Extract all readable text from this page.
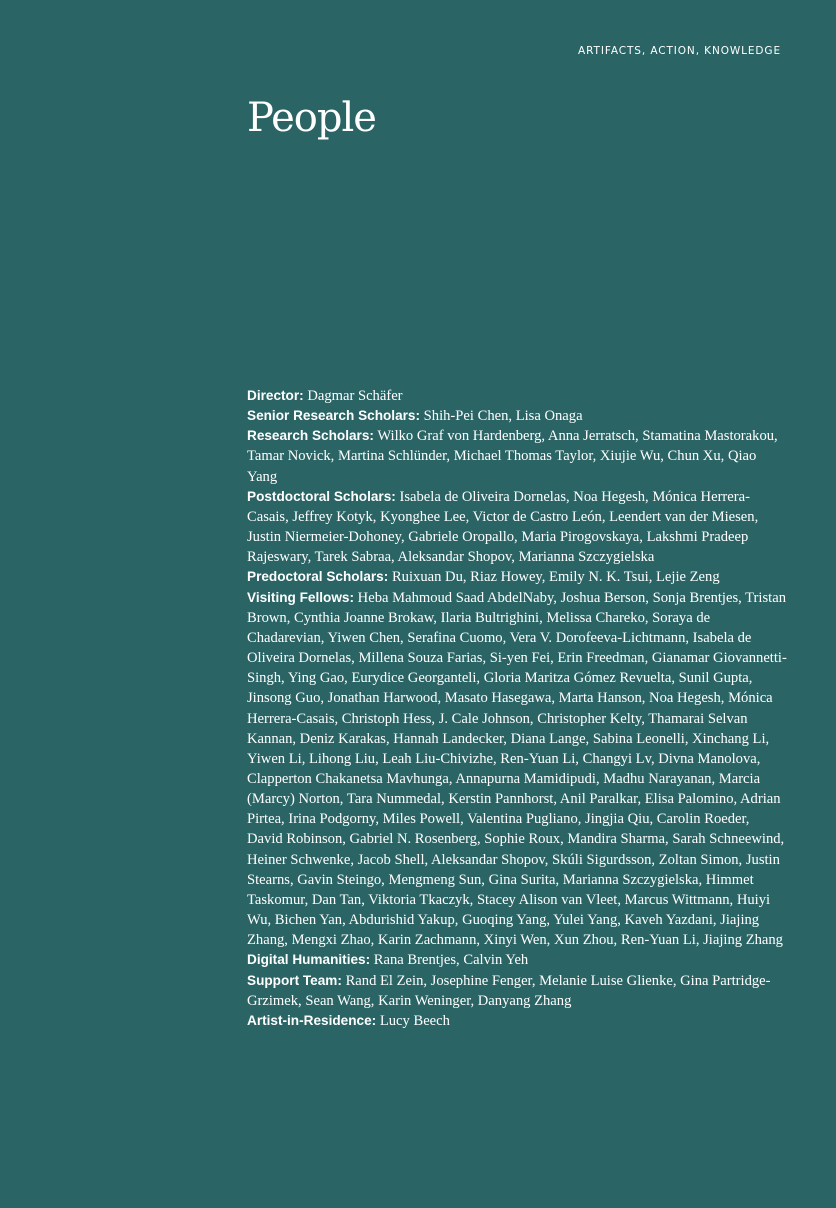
ARTIFACTS, ACTION, KNOWLEDGE
People

Director: Dagmar Schäfer

Senior Research Scholars: Shih-Pei Chen, Lisa Onaga

Research Scholars: Wilko Graf von Hardenberg, Anna Jerratsch, Stamatina Mastorakou, Tamar Novick, Martina Schlünder, Michael Thomas Taylor, Xiujie Wu, Chun Xu, Qiao Yang

Postdoctoral Scholars: Isabela de Oliveira Dornelas, Noa Hegesh, Mónica Herrera-Casais, Jeffrey Kotyk, Kyonghee Lee, Victor de Castro León, Leendert van der Miesen, Justin Niermeier-Dohoney, Gabriele Oropallo, Maria Pirogovskaya, Lakshmi Pradeep Rajeswary, Tarek Sabraa, Aleksandar Shopov, Marianna Szczygielska

Predoctoral Scholars: Ruixuan Du, Riaz Howey, Emily N. K. Tsui, Lejie Zeng

Visiting Fellows: Heba Mahmoud Saad AbdelNaby, Joshua Berson, Sonja Brentjes, Tristan Brown, Cynthia Joanne Brokaw, Ilaria Bultrighini, Melissa Chareko, Soraya de Chadarevian, Yiwen Chen, Serafina Cuomo, Vera V. Dorofeeva-Lichtmann, Isabela de Oliveira Dornelas, Millena Souza Farias, Si-yen Fei, Erin Freedman, Gianamar Giovannetti-Singh, Ying Gao, Eurydice Georganteli, Gloria Maritza Gómez Revuelta, Sunil Gupta, Jinsong Guo, Jonathan Harwood, Masato Hasegawa, Marta Hanson, Noa Hegesh, Mónica Herrera-Casais, Christoph Hess, J. Cale Johnson, Christopher Kelty, Thamarai Selvan Kannan, Deniz Karakas, Hannah Landecker, Diana Lange, Sabina Leonelli, Xinchang Li, Yiwen Li, Lihong Liu, Leah Liu-Chivizhe, Ren-Yuan Li, Changyi Lv, Divna Manolova, Clapperton Chakanetsa Mavhunga, Annapurna Mamidipudi, Madhu Narayanan, Marcia (Marcy) Norton, Tara Nummedal, Kerstin Pannhorst, Anil Paralkar, Elisa Palomino, Adrian Pirtea, Irina Podgorny, Miles Powell, Valentina Pugliano, Jingjia Qiu, Carolin Roeder, David Robinson, Gabriel N. Rosenberg, Sophie Roux, Mandira Sharma, Sarah Schneewind, Heiner Schwenke, Jacob Shell, Aleksandar Shopov, Skúli Sigurdsson, Zoltan Simon, Justin Stearns, Gavin Steingo, Mengmeng Sun, Gina Surita, Marianna Szczygielska, Himmet Taskomur, Dan Tan, Viktoria Tkaczyk, Stacey Alison van Vleet, Marcus Wittmann, Huiyi Wu, Bichen Yan, Abdurishid Yakup, Guoqing Yang, Yulei Yang, Kaveh Yazdani, Jiajing Zhang, Mengxi Zhao, Karin Zachmann, Xinyi Wen, Xun Zhou, Ren-Yuan Li, Jiajing Zhang

Digital Humanities: Rana Brentjes, Calvin Yeh

Support Team: Rand El Zein, Josephine Fenger, Melanie Luise Glienke, Gina Partridge-Grzimek, Sean Wang, Karin Weninger, Danyang Zhang

Artist-in-Residence: Lucy Beech
